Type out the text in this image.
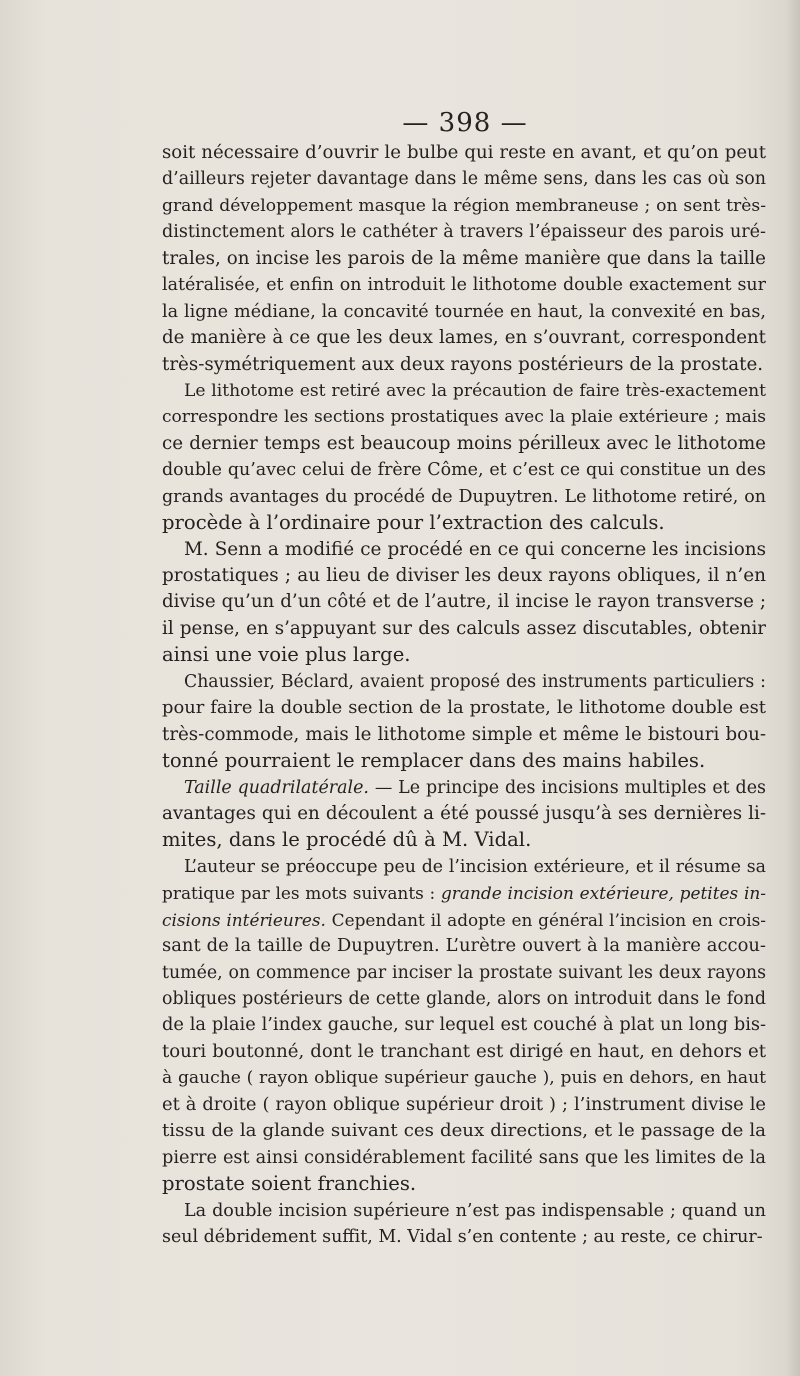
— 398 —
soit nécessaire d’ouvrir le bulbe qui reste en avant, et qu’on peut
d’ailleurs rejeter davantage dans le même sens, dans les cas où son
grand développement masque la région membraneuse ; on sent très-
distinctement alors le cathéter à travers l’épaisseur des parois uré-
trales, on incise les parois de la même manière que dans la taille
latéralisée, et enfin on introduit le lithotome double exactement sur
la ligne médiane, la concavité tournée en haut, la convexité en bas,
de manière à ce que les deux lames, en s’ouvrant, correspondent
très-symétriquement aux deux rayons postérieurs de la prostate.
Le lithotome est retiré avec la précaution de faire très-exactement
correspondre les sections prostatiques avec la plaie extérieure ; mais
ce dernier temps est beaucoup moins périlleux avec le lithotome
double qu’avec celui de frère Côme, et c’est ce qui constitue un des
grands avantages du procédé de Dupuytren. Le lithotome retiré, on
procède à l’ordinaire pour l’extraction des calculs.
M. Senn a modifié ce procédé en ce qui concerne les incisions
prostatiques ; au lieu de diviser les deux rayons obliques, il n’en
divise qu’un d’un côté et de l’autre, il incise le rayon transverse ;
il pense, en s’appuyant sur des calculs assez discutables, obtenir
ainsi une voie plus large.
Chaussier, Béclard, avaient proposé des instruments particuliers :
pour faire la double section de la prostate, le lithotome double est
très-commode, mais le lithotome simple et même le bistouri bou-
tonné pourraient le remplacer dans des mains habiles.
Taille quadrilatérale. — Le principe des incisions multiples et des
avantages qui en découlent a été poussé jusqu’à ses dernières li-
mites, dans le procédé dû à M. Vidal.
L’auteur se préoccupe peu de l’incision extérieure, et il résume sa
pratique par les mots suivants : grande incision extérieure, petites in-
cisions intérieures. Cependant il adopte en général l’incision en crois-
sant de la taille de Dupuytren. L’urètre ouvert à la manière accou-
tumée, on commence par inciser la prostate suivant les deux rayons
obliques postérieurs de cette glande, alors on introduit dans le fond
de la plaie l’index gauche, sur lequel est couché à plat un long bis-
touri boutonné, dont le tranchant est dirigé en haut, en dehors et
à gauche ( rayon oblique supérieur gauche ), puis en dehors, en haut
et à droite ( rayon oblique supérieur droit ) ; l’instrument divise le
tissu de la glande suivant ces deux directions, et le passage de la
pierre est ainsi considérablement facilité sans que les limites de la
prostate soient franchies.
La double incision supérieure n’est pas indispensable ; quand un
seul débridement suffit, M. Vidal s’en contente ; au reste, ce chirur-
